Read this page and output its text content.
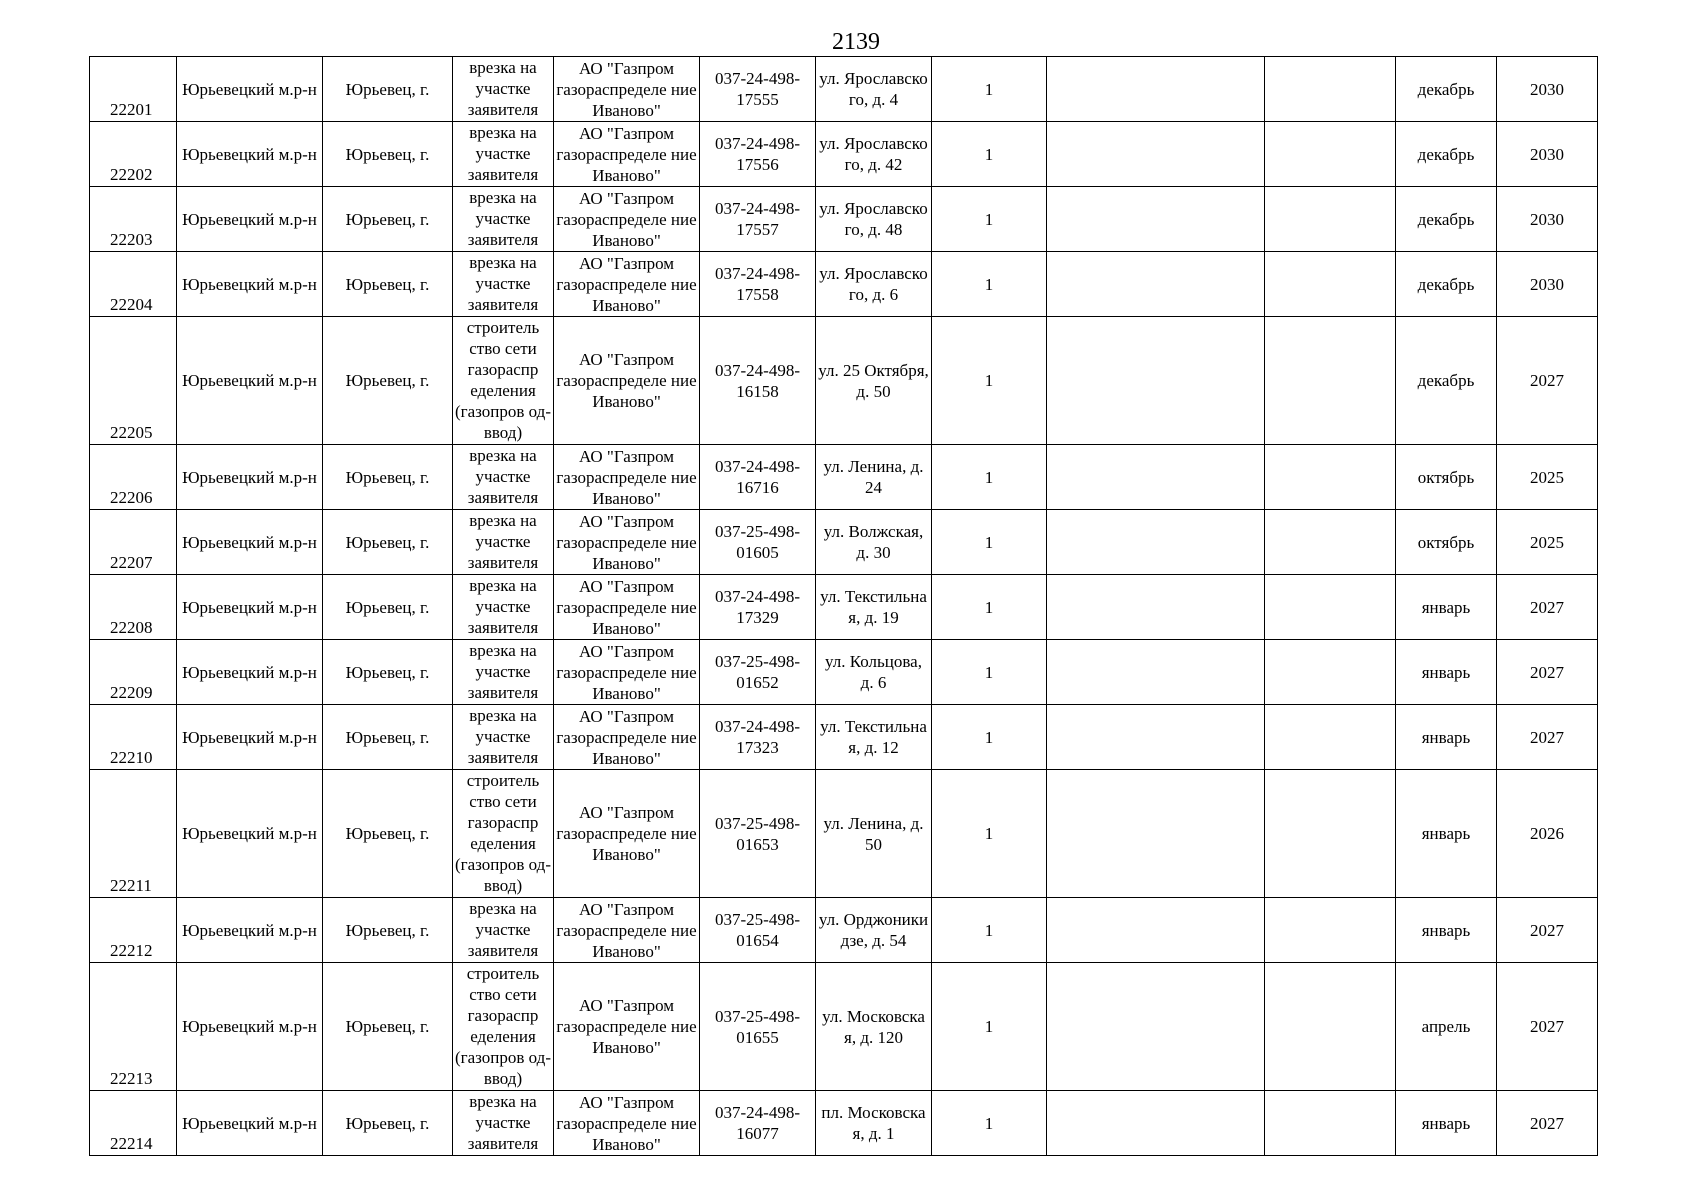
2139
22201	Юрьевецкий м.р-н	Юрьевец, г.	врезка на участке заявителя	АО "Газпром газораспределе ние Иваново"	037-24-498- 17555	ул. Ярославско го, д. 4	1			декабрь	2030
22202	Юрьевецкий м.р-н	Юрьевец, г.	врезка на участке заявителя	АО "Газпром газораспределе ние Иваново"	037-24-498- 17556	ул. Ярославско го, д. 42	1			декабрь	2030
22203	Юрьевецкий м.р-н	Юрьевец, г.	врезка на участке заявителя	АО "Газпром газораспределе ние Иваново"	037-24-498- 17557	ул. Ярославско го, д. 48	1			декабрь	2030
22204	Юрьевецкий м.р-н	Юрьевец, г.	врезка на участке заявителя	АО "Газпром газораспределе ние Иваново"	037-24-498- 17558	ул. Ярославско го, д. 6	1			декабрь	2030
22205	Юрьевецкий м.р-н	Юрьевец, г.	строитель ство сети газораспр еделения (газопров од-ввод)	АО "Газпром газораспределе ние Иваново"	037-24-498- 16158	ул. 25 Октября, д. 50	1			декабрь	2027
22206	Юрьевецкий м.р-н	Юрьевец, г.	врезка на участке заявителя	АО "Газпром газораспределе ние Иваново"	037-24-498- 16716	ул. Ленина, д. 24	1			октябрь	2025
22207	Юрьевецкий м.р-н	Юрьевец, г.	врезка на участке заявителя	АО "Газпром газораспределе ние Иваново"	037-25-498- 01605	ул. Волжская, д. 30	1			октябрь	2025
22208	Юрьевецкий м.р-н	Юрьевец, г.	врезка на участке заявителя	АО "Газпром газораспределе ние Иваново"	037-24-498- 17329	ул. Текстильна я, д. 19	1			январь	2027
22209	Юрьевецкий м.р-н	Юрьевец, г.	врезка на участке заявителя	АО "Газпром газораспределе ние Иваново"	037-25-498- 01652	ул. Кольцова, д. 6	1			январь	2027
22210	Юрьевецкий м.р-н	Юрьевец, г.	врезка на участке заявителя	АО "Газпром газораспределе ние Иваново"	037-24-498- 17323	ул. Текстильна я, д. 12	1			январь	2027
22211	Юрьевецкий м.р-н	Юрьевец, г.	строитель ство сети газораспр еделения (газопров од-ввод)	АО "Газпром газораспределе ние Иваново"	037-25-498- 01653	ул. Ленина, д. 50	1			январь	2026
22212	Юрьевецкий м.р-н	Юрьевец, г.	врезка на участке заявителя	АО "Газпром газораспределе ние Иваново"	037-25-498- 01654	ул. Орджоники дзе, д. 54	1			январь	2027
22213	Юрьевецкий м.р-н	Юрьевец, г.	строитель ство сети газораспр еделения (газопров од-ввод)	АО "Газпром газораспределе ние Иваново"	037-25-498- 01655	ул. Московска я, д. 120	1			апрель	2027
22214	Юрьевецкий м.р-н	Юрьевец, г.	врезка на участке заявителя	АО "Газпром газораспределе ние Иваново"	037-24-498- 16077	пл. Московска я, д. 1	1			январь	2027
